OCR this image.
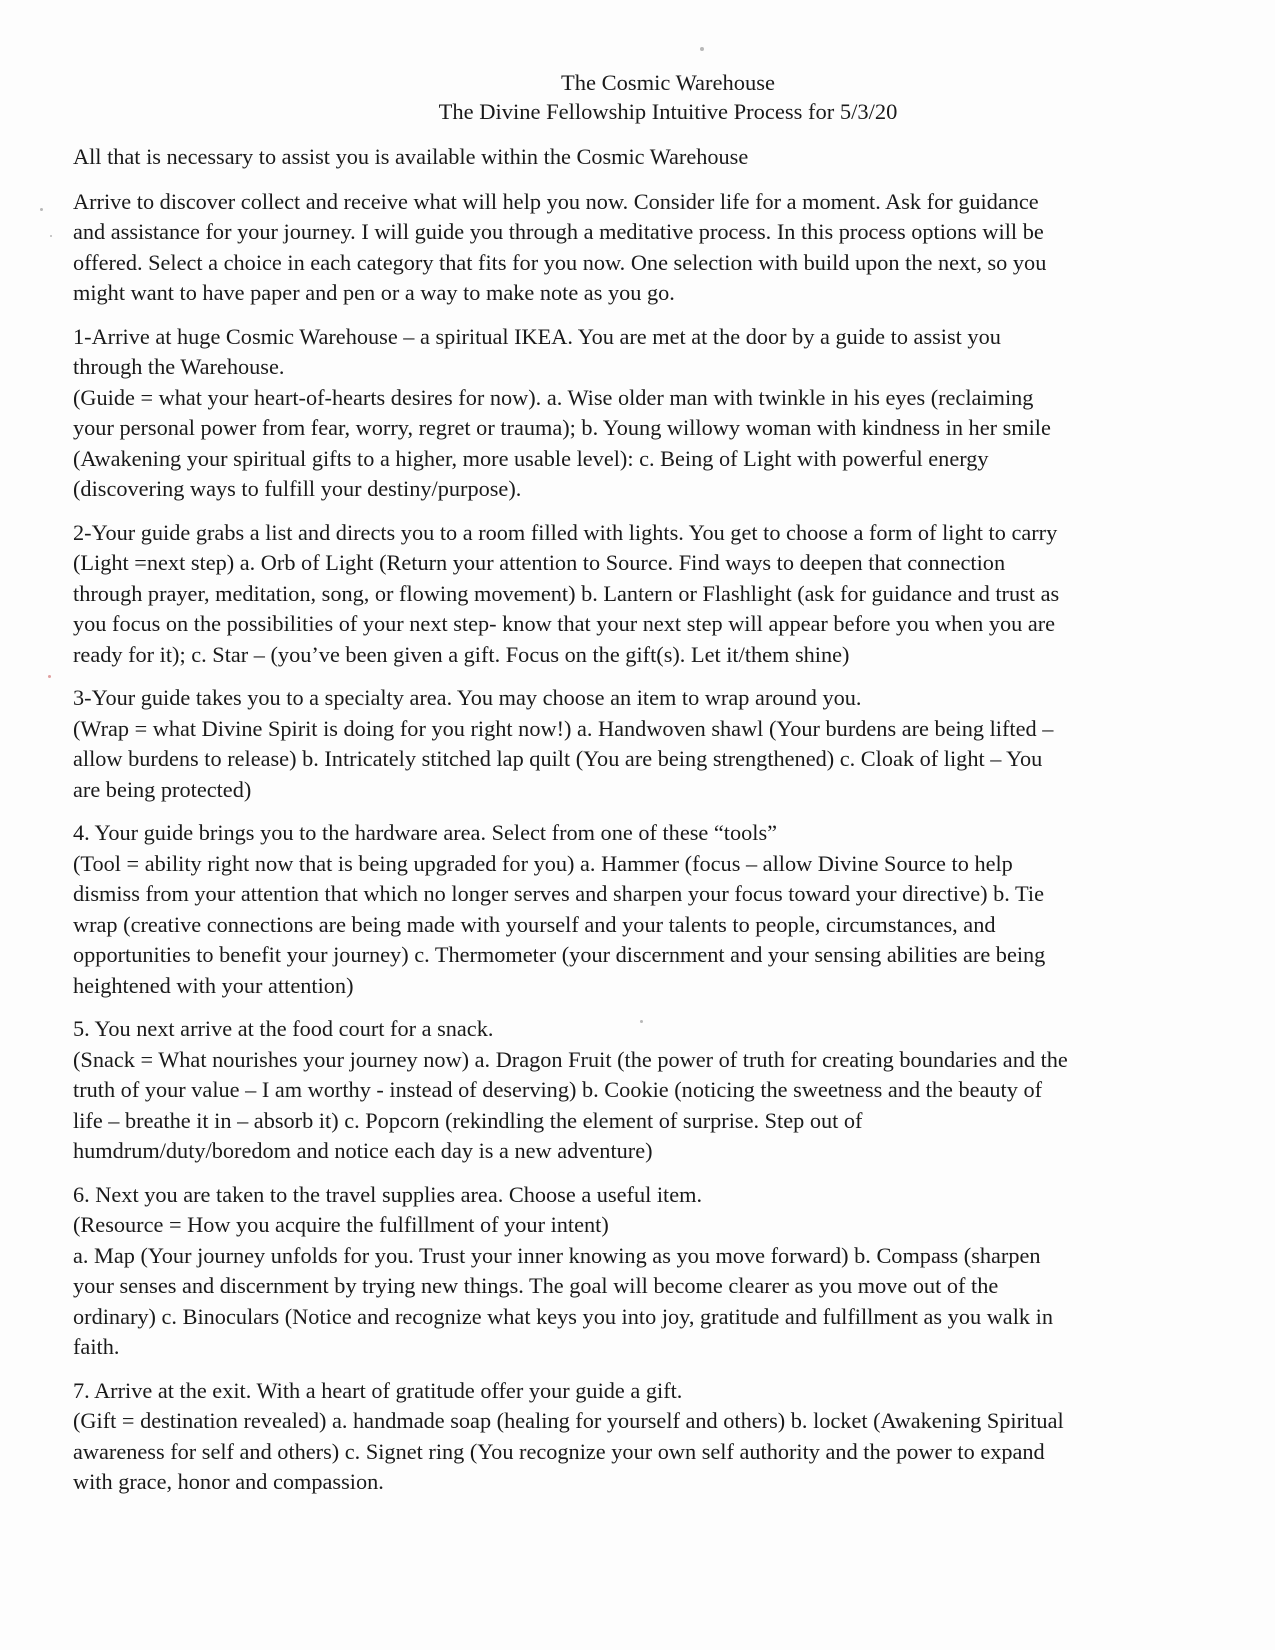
The Cosmic Warehouse
The Divine Fellowship Intuitive Process for 5/3/20

All that is necessary to assist you is available within the Cosmic Warehouse

Arrive to discover collect and receive what will help you now. Consider life for a moment. Ask for guidance
and assistance for your journey. I will guide you through a meditative process. In this process options will be
offered. Select a choice in each category that fits for you now. One selection with build upon the next, so you
might want to have paper and pen or a way to make note as you go.

1-Arrive at huge Cosmic Warehouse – a spiritual IKEA. You are met at the door by a guide to assist you
through the Warehouse.
(Guide = what your heart-of-hearts desires for now). a. Wise older man with twinkle in his eyes (reclaiming
your personal power from fear, worry, regret or trauma); b. Young willowy woman with kindness in her smile
(Awakening your spiritual gifts to a higher, more usable level): c. Being of Light with powerful energy
(discovering ways to fulfill your destiny/purpose).

2-Your guide grabs a list and directs you to a room filled with lights. You get to choose a form of light to carry
(Light =next step) a. Orb of Light (Return your attention to Source. Find ways to deepen that connection
through prayer, meditation, song, or flowing movement) b. Lantern or Flashlight (ask for guidance and trust as
you focus on the possibilities of your next step- know that your next step will appear before you when you are
ready for it); c. Star – (you’ve been given a gift. Focus on the gift(s). Let it/them shine)

3-Your guide takes you to a specialty area. You may choose an item to wrap around you.
(Wrap = what Divine Spirit is doing for you right now!) a. Handwoven shawl (Your burdens are being lifted –
allow burdens to release) b. Intricately stitched lap quilt (You are being strengthened) c. Cloak of light – You
are being protected)

4. Your guide brings you to the hardware area. Select from one of these “tools”
(Tool = ability right now that is being upgraded for you) a. Hammer (focus – allow Divine Source to help
dismiss from your attention that which no longer serves and sharpen your focus toward your directive) b. Tie
wrap (creative connections are being made with yourself and your talents to people, circumstances, and
opportunities to benefit your journey) c. Thermometer (your discernment and your sensing abilities are being
heightened with your attention)

5. You next arrive at the food court for a snack.
(Snack = What nourishes your journey now) a. Dragon Fruit (the power of truth for creating boundaries and the
truth of your value – I am worthy - instead of deserving) b. Cookie (noticing the sweetness and the beauty of
life – breathe it in – absorb it) c. Popcorn (rekindling the element of surprise. Step out of
humdrum/duty/boredom and notice each day is a new adventure)

6. Next you are taken to the travel supplies area. Choose a useful item.
(Resource = How you acquire the fulfillment of your intent)
a. Map (Your journey unfolds for you. Trust your inner knowing as you move forward) b. Compass (sharpen
your senses and discernment by trying new things. The goal will become clearer as you move out of the
ordinary) c. Binoculars (Notice and recognize what keys you into joy, gratitude and fulfillment as you walk in
faith.

7. Arrive at the exit. With a heart of gratitude offer your guide a gift.
(Gift = destination revealed) a. handmade soap (healing for yourself and others) b. locket (Awakening Spiritual
awareness for self and others) c. Signet ring (You recognize your own self authority and the power to expand
with grace, honor and compassion.
